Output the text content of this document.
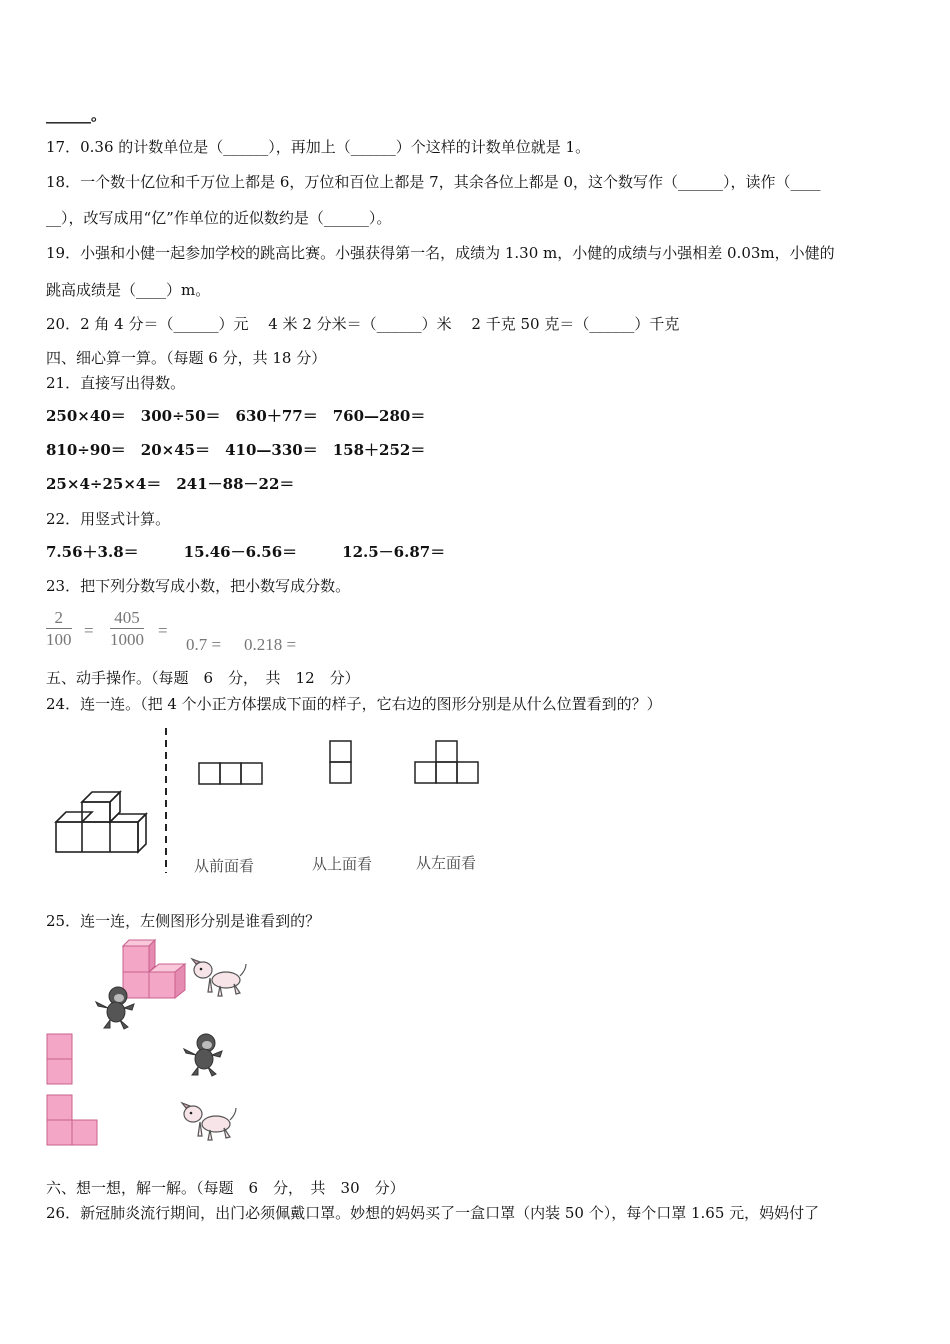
______。
17．0.36 的计数单位是（______），再加上（______）个这样的计数单位就是 1。
18．一个数十亿位和千万位上都是 6，万位和百位上都是 7，其余各位上都是 0，这个数写作（______），读作（____
__），改写成用“亿”作单位的近似数约是（______）。
19．小强和小健一起参加学校的跳高比赛。小强获得第一名，成绩为 1.30 m，小健的成绩与小强相差 0.03m，小健的
跳高成绩是（____）m。
20．2 角 4 分＝（______）元　 4 米 2 分米＝（______）米　 2 千克 50 克＝（______）千克
四、细心算一算。（每题 6 分，共 18 分）
21．直接写出得数。
250×40＝　300÷50＝　630＋77＝　760—280＝
810÷90＝　20×45＝　410—330＝　158＋252＝
25×4÷25×4＝　241－88－22＝
22．用竖式计算。
7.56＋3.8＝　　　15.46－6.56＝　　　12.5－6.87＝
23．把下列分数写成小数，把小数写成分数。
$\frac{2}{100} = \frac{405}{1000}$ =
0.7 = 0.218 =
五、动手操作。（每题　6　分，　共　12　分）
24．连一连。（把 4 个小正方体摆成下面的样子，它右边的图形分别是从什么位置看到的？）
从前面看	从上面看	从左面看
25．连一连，左侧图形分别是谁看到的？
六、想一想，解一解。（每题　6　分，　共　30　分）
26．新冠肺炎流行期间，出门必须佩戴口罩。妙想的妈妈买了一盒口罩（内装 50 个），每个口罩 1.65 元，妈妈付了
